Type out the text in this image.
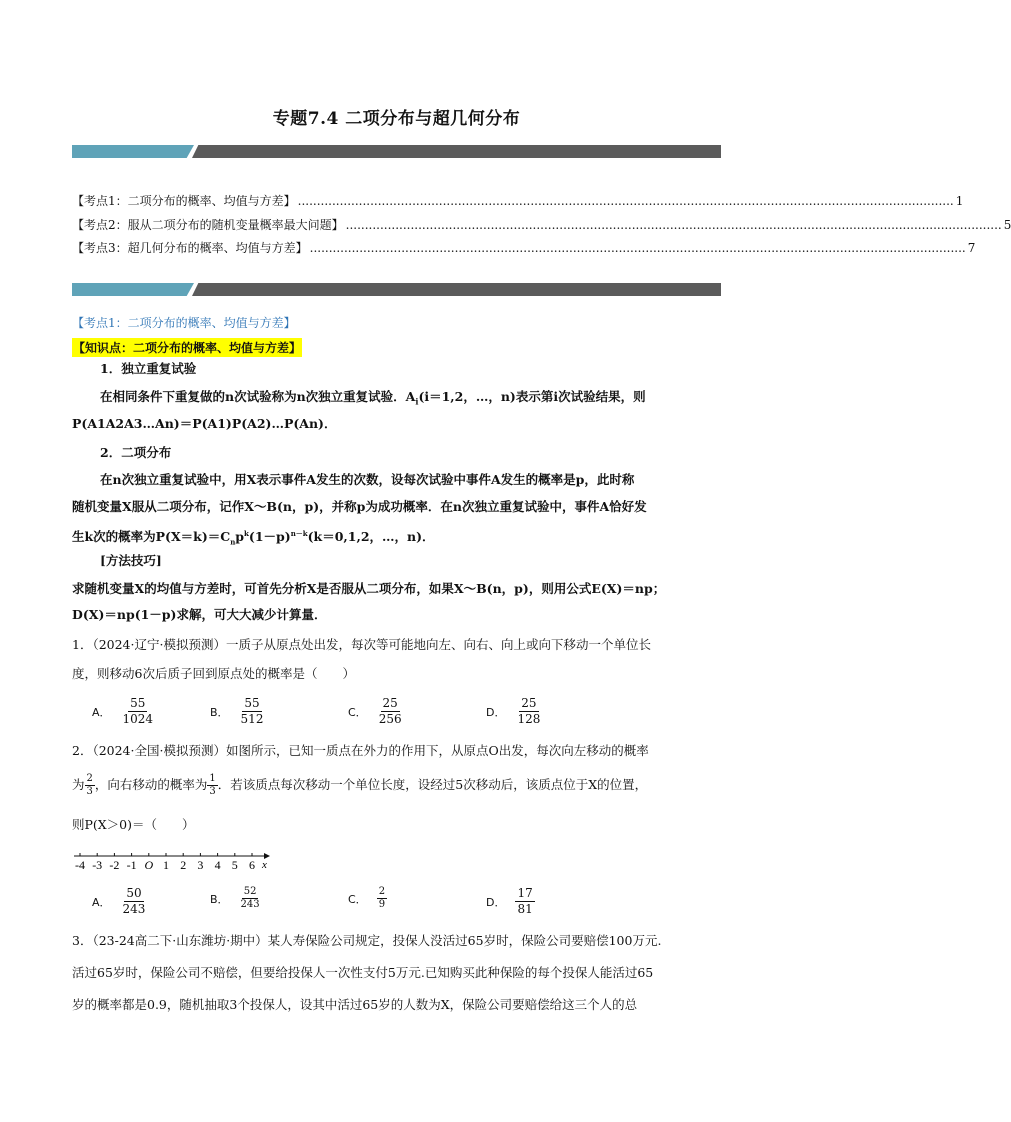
专题7.4 二项分布与超几何分布
【考点1：二项分布的概率、均值与方差】 ............................................................................................................................................................................ 1
【考点2：服从二项分布的随机变量概率最大问题】 ............................................................................................................................................................................ 5
【考点3：超几何分布的概率、均值与方差】 ............................................................................................................................................................................ 7
【考点1：二项分布的概率、均值与方差】
【知识点：二项分布的概率、均值与方差】
1．独立重复试验
在相同条件下重复做的n次试验称为n次独立重复试验．$A_i(i=1,2$，…，n)表示第i次试验结果，则
P(A1A2A3…An)＝P(A1)P(A2)…P(An)．
2．二项分布
在n次独立重复试验中，用X表示事件A发生的次数，设每次试验中事件A发生的概率是p，此时称
随机变量X服从二项分布，记作X～B(n，p)，并称p为成功概率．在n次独立重复试验中，事件A恰好发
生k次的概率为$P(X=k)=C_np^k(1-p)^{n-k}(k=0,1,2$，…，n)．
[方法技巧]
求随机变量X的均值与方差时，可首先分析X是否服从二项分布，如果X～B(n，p)，则用公式E(X)＝np；
D(X)＝np(1－p)求解，可大大减少计算量．
1．（2024·辽宁·模拟预测）一质子从原点处出发，每次等可能地向左、向右、向上或向下移动一个单位长
度，则移动6次后质子回到原点处的概率是（　　）
A． $\frac{55}{1024}$	B． $\frac{55}{512}$	C． $\frac{25}{256}$	D． $\frac{25}{128}$
2．（2024·全国·模拟预测）如图所示，已知一质点在外力的作用下，从原点O出发，每次向左移动的概率
为 $\frac{2}{3}$ ，向右移动的概率为 $\frac{1}{3}$ ．若该质点每次移动一个单位长度，设经过5次移动后，该质点位于X的位置，
则P(X＞0)＝（　　）
-4 -3 -2 -1 O 1 2 3 4 5 6 x
A． $\frac{50}{243}$	B． $\frac{52}{243}$	C． $\frac{2}{9}$	D． $\frac{17}{81}$
3．（23-24高二下·山东潍坊·期中）某人寿保险公司规定，投保人没活过65岁时，保险公司要赔偿100万元.
活过65岁时，保险公司不赔偿，但要给投保人一次性支付5万元.已知购买此种保险的每个投保人能活过65
岁的概率都是0.9，随机抽取3个投保人，设其中活过65岁的人数为X，保险公司要赔偿给这三个人的总
